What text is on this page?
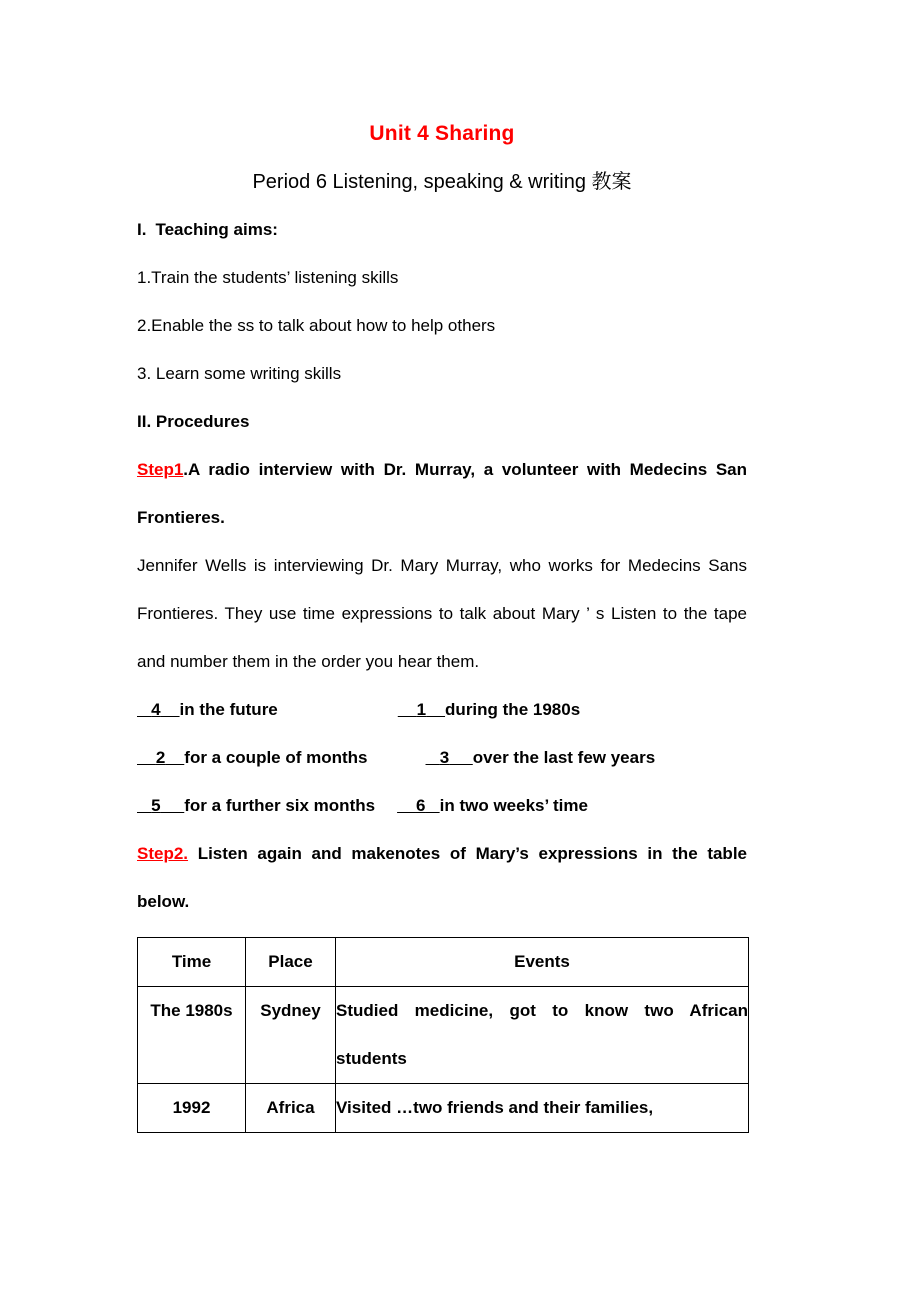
Unit 4 Sharing
Period 6 Listening, speaking & writing 教案
I. Teaching aims:

1.Train the students’ listening skills

2.Enable the ss to talk about how to help others

3. Learn some writing skills

II. Procedures

Step1.A radio interview with Dr. Murray, a volunteer with Medecins San Frontieres.

Jennifer Wells is interviewing Dr. Mary Murray, who works for Medecins Sans Frontieres. They use time expressions to talk about Mary ’ s Listen to the tape and number them in the order you hear them.

4 in the future	1 during the 1980s

2 for a couple of months	3 over the last few years

5 for a further six months 6 in two weeks’ time

Step2. Listen again and makenotes of Mary’s expressions in the table below.

Time	Place	Events
The 1980s	Sydney	Studied medicine, got to know two African students
1992	Africa	Visited …two friends and their families,
